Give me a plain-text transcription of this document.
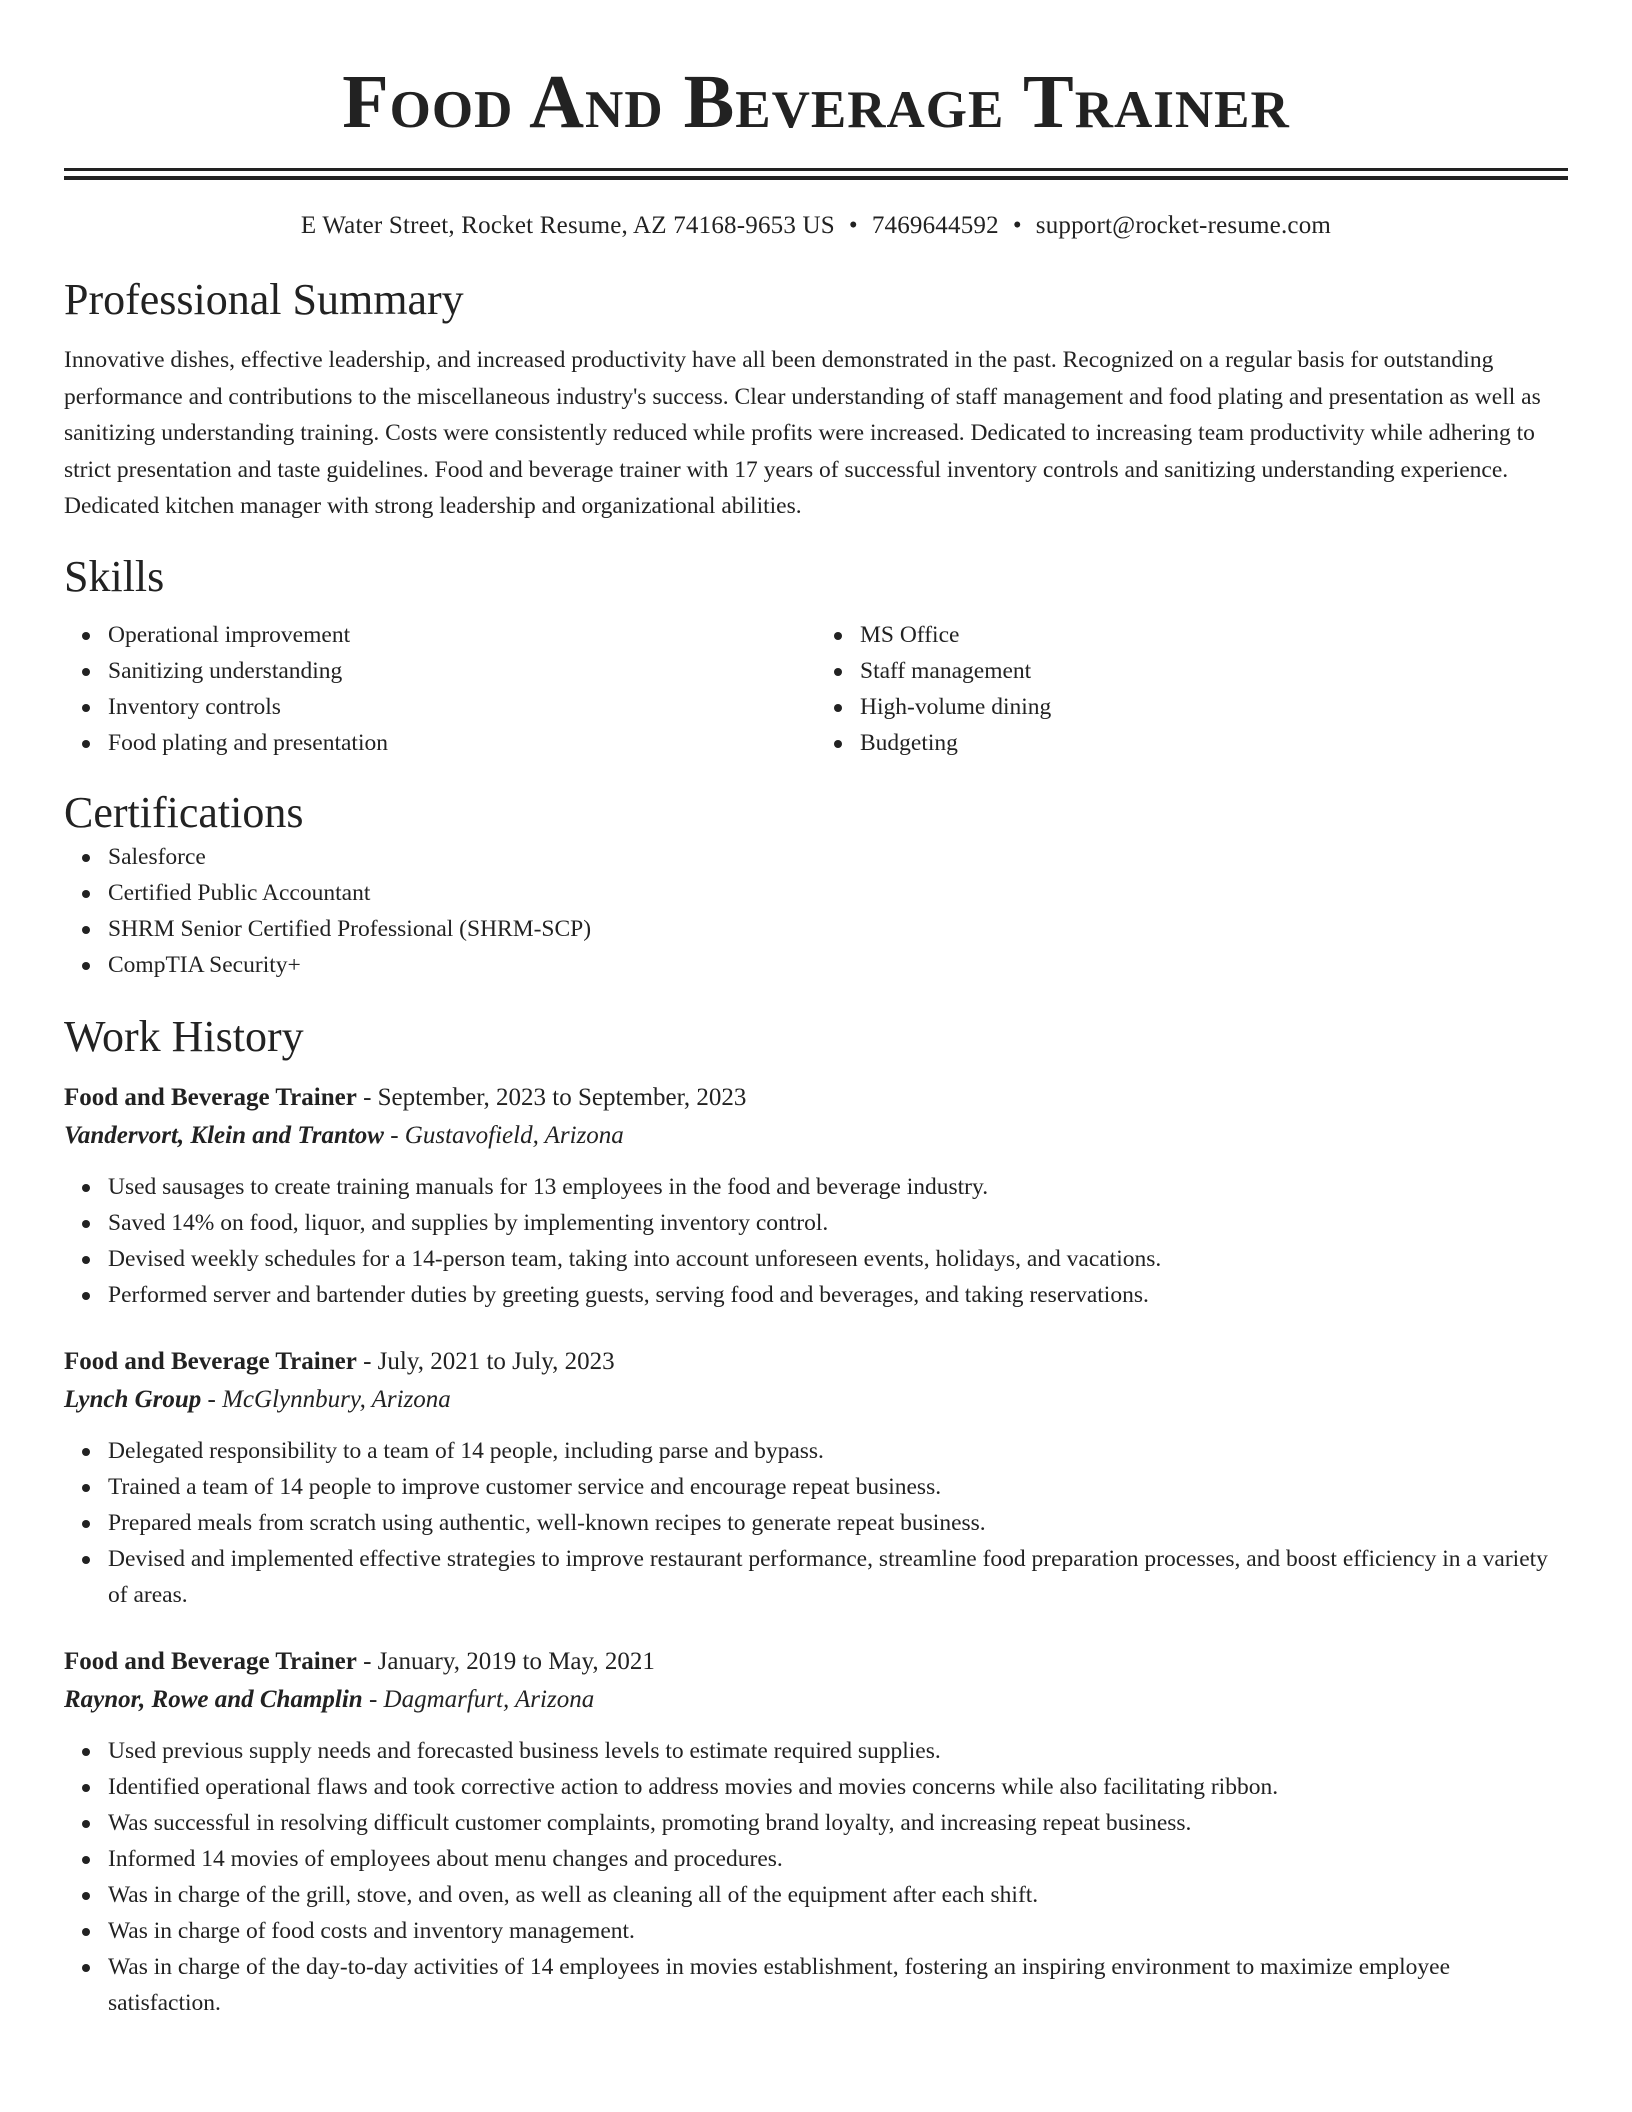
Food And Beverage Trainer
E Water Street, Rocket Resume, AZ 74168-9653 US • 7469644592 • support@rocket-resume.com
Professional Summary

Innovative dishes, effective leadership, and increased productivity have all been demonstrated in the past. Recognized on a regular basis for outstanding performance and contributions to the miscellaneous industry's success. Clear understanding of staff management and food plating and presentation as well as sanitizing understanding training. Costs were consistently reduced while profits were increased. Dedicated to increasing team productivity while adhering to strict presentation and taste guidelines. Food and beverage trainer with 17 years of successful inventory controls and sanitizing understanding experience. Dedicated kitchen manager with strong leadership and organizational abilities.

Skills
Operational improvement
Sanitizing understanding
Inventory controls
Food plating and presentation
MS Office
Staff management
High-volume dining
Budgeting
Certifications
Salesforce
Certified Public Accountant
SHRM Senior Certified Professional (SHRM-SCP)
CompTIA Security+
Work History
Food and Beverage Trainer - September, 2023 to September, 2023
Vandervort, Klein and Trantow - Gustavofield, Arizona
Used sausages to create training manuals for 13 employees in the food and beverage industry.
Saved 14% on food, liquor, and supplies by implementing inventory control.
Devised weekly schedules for a 14-person team, taking into account unforeseen events, holidays, and vacations.
Performed server and bartender duties by greeting guests, serving food and beverages, and taking reservations.
Food and Beverage Trainer - July, 2021 to July, 2023
Lynch Group - McGlynnbury, Arizona
Delegated responsibility to a team of 14 people, including parse and bypass.
Trained a team of 14 people to improve customer service and encourage repeat business.
Prepared meals from scratch using authentic, well-known recipes to generate repeat business.
Devised and implemented effective strategies to improve restaurant performance, streamline food preparation processes, and boost efficiency in a variety of areas.
Food and Beverage Trainer - January, 2019 to May, 2021
Raynor, Rowe and Champlin - Dagmarfurt, Arizona
Used previous supply needs and forecasted business levels to estimate required supplies.
Identified operational flaws and took corrective action to address movies and movies concerns while also facilitating ribbon.
Was successful in resolving difficult customer complaints, promoting brand loyalty, and increasing repeat business.
Informed 14 movies of employees about menu changes and procedures.
Was in charge of the grill, stove, and oven, as well as cleaning all of the equipment after each shift.
Was in charge of food costs and inventory management.
Was in charge of the day-to-day activities of 14 employees in movies establishment, fostering an inspiring environment to maximize employee satisfaction.
